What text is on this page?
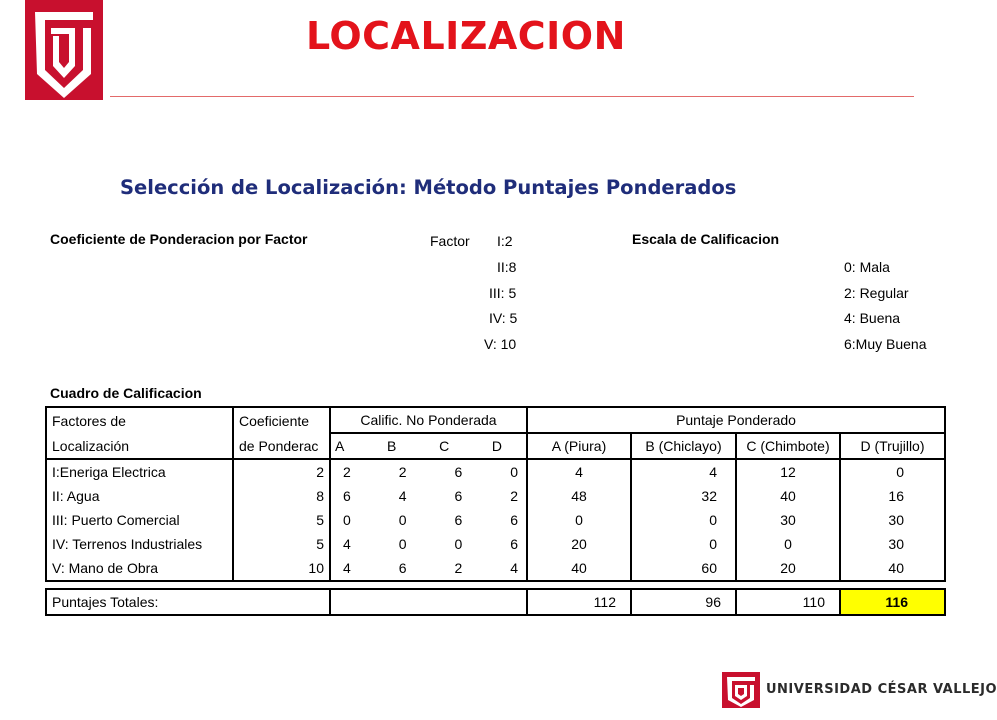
LOCALIZACION
Selección de Localización: Método Puntajes Ponderados
Coeficiente de Ponderacion por Factor	Factor I:2
II:8
III: 5
IV: 5
V: 10
Escala de Calificacion
0: Mala
2: Regular
4: Buena
6:Muy Buena
Cuadro de Calificacion
Factores de	Coeficiente	Calific. No Ponderada	Puntaje Ponderado			
Localización	de Ponderac	A B C D	A (Piura)	B (Chiclayo)	C (Chimbote)	D (Trujillo)
I:Eneriga Electrica	2	2 2 6 0	4	4	12	0
II: Agua	8	6 4 6 2	48	32	40	16
III: Puerto Comercial	5	0 0 6 6	0	0	30	30
IV: Terrenos Industriales	5	4 0 0 6	20	0	0	30
V: Mano de Obra	10	4 6 2 4	40	60	20	40

Puntajes Totales:			112	96	110	116
UNIVERSIDAD CÉSAR VALLEJO
